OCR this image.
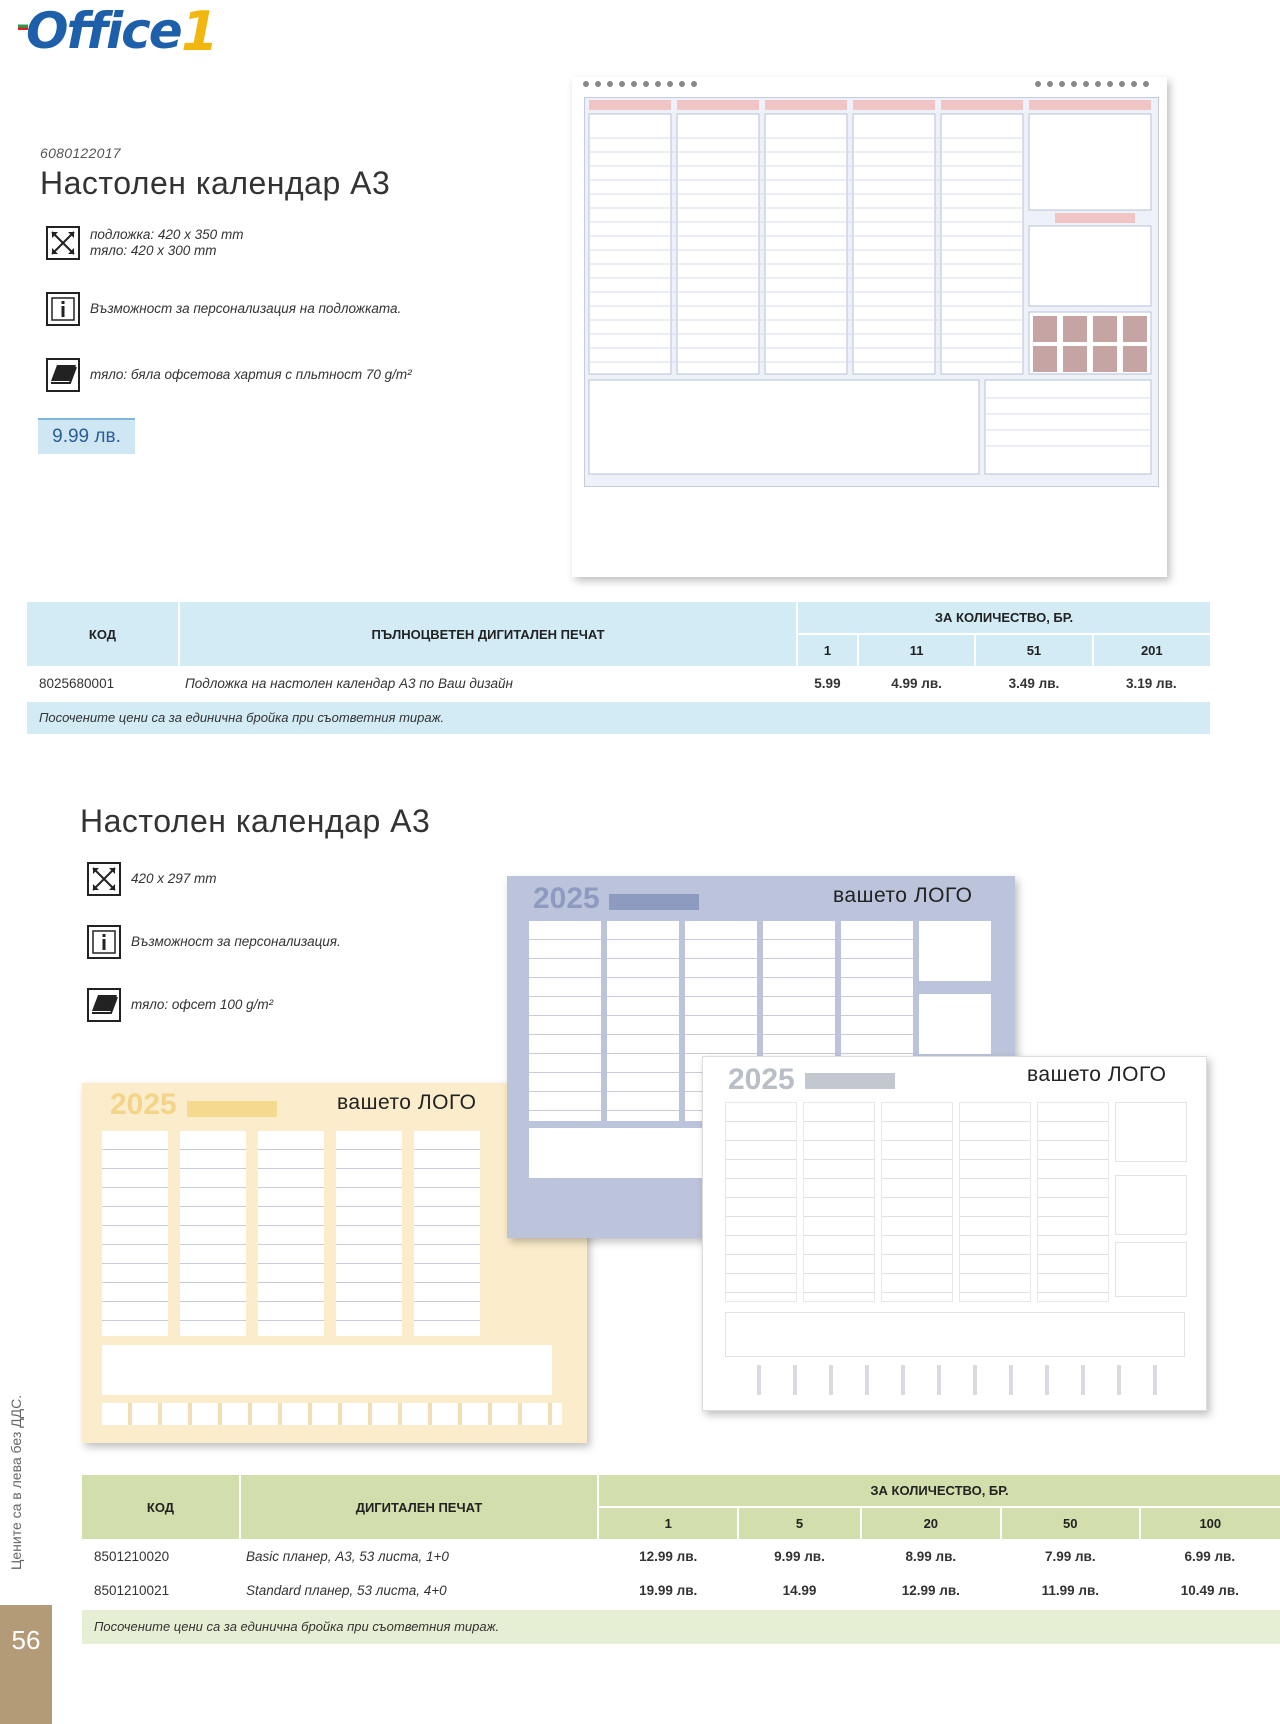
Office 1
6080122017
Настолен календар А3
подложка: 420 x 350 mm
тяло: 420 x 300 mm
Възможност за персонализация на подложката.
тяло: бяла офсетова хартия с пльтност 70 g/m²
9.99 лв.
КОД	ПЪЛНОЦВЕТЕН ДИГИТАЛЕН ПЕЧАТ	ЗА КОЛИЧЕСТВО, БР.			
		1	11	51	201
8025680001	Подложка на настолен календар А3 по Ваш дизайн	5.99	4.99 лв.	3.49 лв.	3.19 лв.
Посочените цени са за единична бройка при съответния тираж.
Настолен календар А3
420 x 297 mm
Възможност за персонализация.
тяло: офсет 100 g/m²
2025	вашето ЛОГО
2025	вашето ЛОГО
2025	вашето ЛОГО
КОД	ДИГИТАЛЕН ПЕЧАТ	ЗА КОЛИЧЕСТВО, БР.				
		1	5	20	50	100
8501210020	Basic планер, А3, 53 листа, 1+0	12.99 лв.	9.99 лв.	8.99 лв.	7.99 лв.	6.99 лв.
8501210021	Standard планер, 53 листа, 4+0	19.99 лв.	14.99	12.99 лв.	11.99 лв.	10.49 лв.
Посочените цени са за единична бройка при съответния тираж.
Цените са в лева без ДДС.
56
